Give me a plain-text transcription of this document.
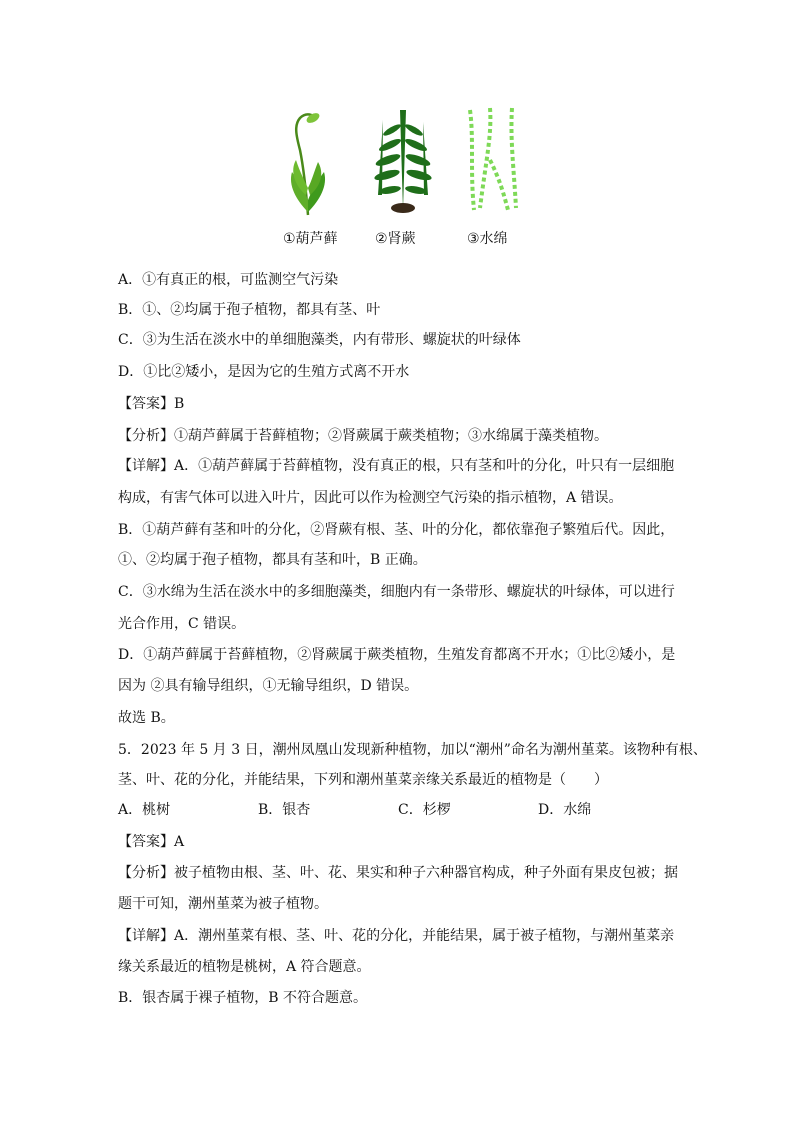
①葫芦藓	②肾蕨	③水绵
A．①有真正的根，可监测空气污染
B．①、②均属于孢子植物，都具有茎、叶
C．③为生活在淡水中的单细胞藻类，内有带形、螺旋状的叶绿体
D．①比②矮小，是因为它的生殖方式离不开水
【答案】B
【分析】①葫芦藓属于苔藓植物；②肾蕨属于蕨类植物；③水绵属于藻类植物。
【详解】A．①葫芦藓属于苔藓植物，没有真正的根，只有茎和叶的分化，叶只有一层细胞
构成，有害气体可以进入叶片，因此可以作为检测空气污染的指示植物，A 错误。
B．①葫芦藓有茎和叶的分化，②肾蕨有根、茎、叶的分化，都依靠孢子繁殖后代。因此，
①、②均属于孢子植物，都具有茎和叶，B 正确。
C．③水绵为生活在淡水中的多细胞藻类，细胞内有一条带形、螺旋状的叶绿体，可以进行
光合作用，C 错误。
D．①葫芦藓属于苔藓植物，②肾蕨属于蕨类植物，生殖发育都离不开水；①比②矮小，是
因为 ②具有输导组织，①无输导组织，D 错误。
故选 B。
5．2023 年 5 月 3 日，潮州凤凰山发现新种植物，加以“潮州”命名为潮州堇菜。该物种有根、
茎、叶、花的分化，并能结果，下列和潮州堇菜亲缘关系最近的植物是（　　）
A．桃树	B．银杏	C．杉椤	D．水绵
【答案】A
【分析】被子植物由根、茎、叶、花、果实和种子六种器官构成，种子外面有果皮包被；据
题干可知，潮州堇菜为被子植物。
【详解】A．潮州堇菜有根、茎、叶、花的分化，并能结果，属于被子植物，与潮州堇菜亲
缘关系最近的植物是桃树，A 符合题意。
B．银杏属于裸子植物，B 不符合题意。
